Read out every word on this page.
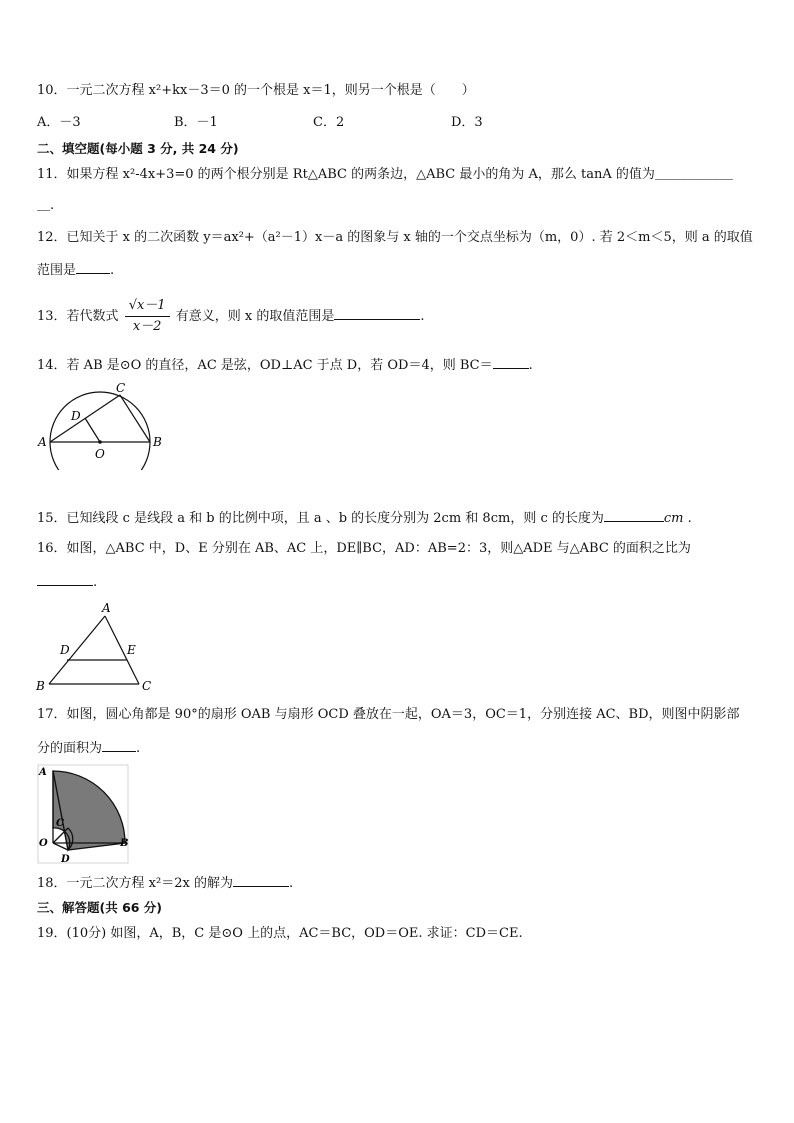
10．一元二次方程 x²+kx－3＝0 的一个根是 x＝1，则另一个根是（　　）
A．－3	B．－1	C．2	D．3
二、填空题(每小题 3 分, 共 24 分)
11．如果方程 x²-4x+3=0 的两个根分别是 Rt△ABC 的两条边，△ABC 最小的角为 A，那么 tanA 的值为＿＿＿＿＿＿
＿.
12．已知关于 x 的二次函数 y＝ax²+（a²－1）x－a 的图象与 x 轴的一个交点坐标为（m，0）. 若 2＜m＜5，则 a 的取值
范围是	.
13．若代数式 $\frac{√x-1}{x-2}$ 有意义，则 x 的取值范围是	.
14．若 AB 是⊙O 的直径，AC 是弦，OD⊥AC 于点 D，若 OD＝4，则 BC＝	.
C
D
A
O
B
15．已知线段 c 是线段 a 和 b 的比例中项，且 a 、b 的长度分别为 2cm 和 8cm，则 c 的长度为	cm .
16．如图，△ABC 中，D、E 分别在 AB、AC 上，DE∥BC，AD：AB=2：3，则△ADE 与△ABC 的面积之比为
.
A
D	E
B	C
17．如图，圆心角都是 90°的扇形 OAB 与扇形 OCD 叠放在一起，OA＝3，OC＝1，分别连接 AC、BD，则图中阴影部
分的面积为	.
A
C
O	B
D
18．一元二次方程 x²＝2x 的解为	.
三、解答题(共 66 分)
19．(10分) 如图，A，B，C 是⊙O 上的点，AC＝BC，OD＝OE. 求证：CD＝CE.
